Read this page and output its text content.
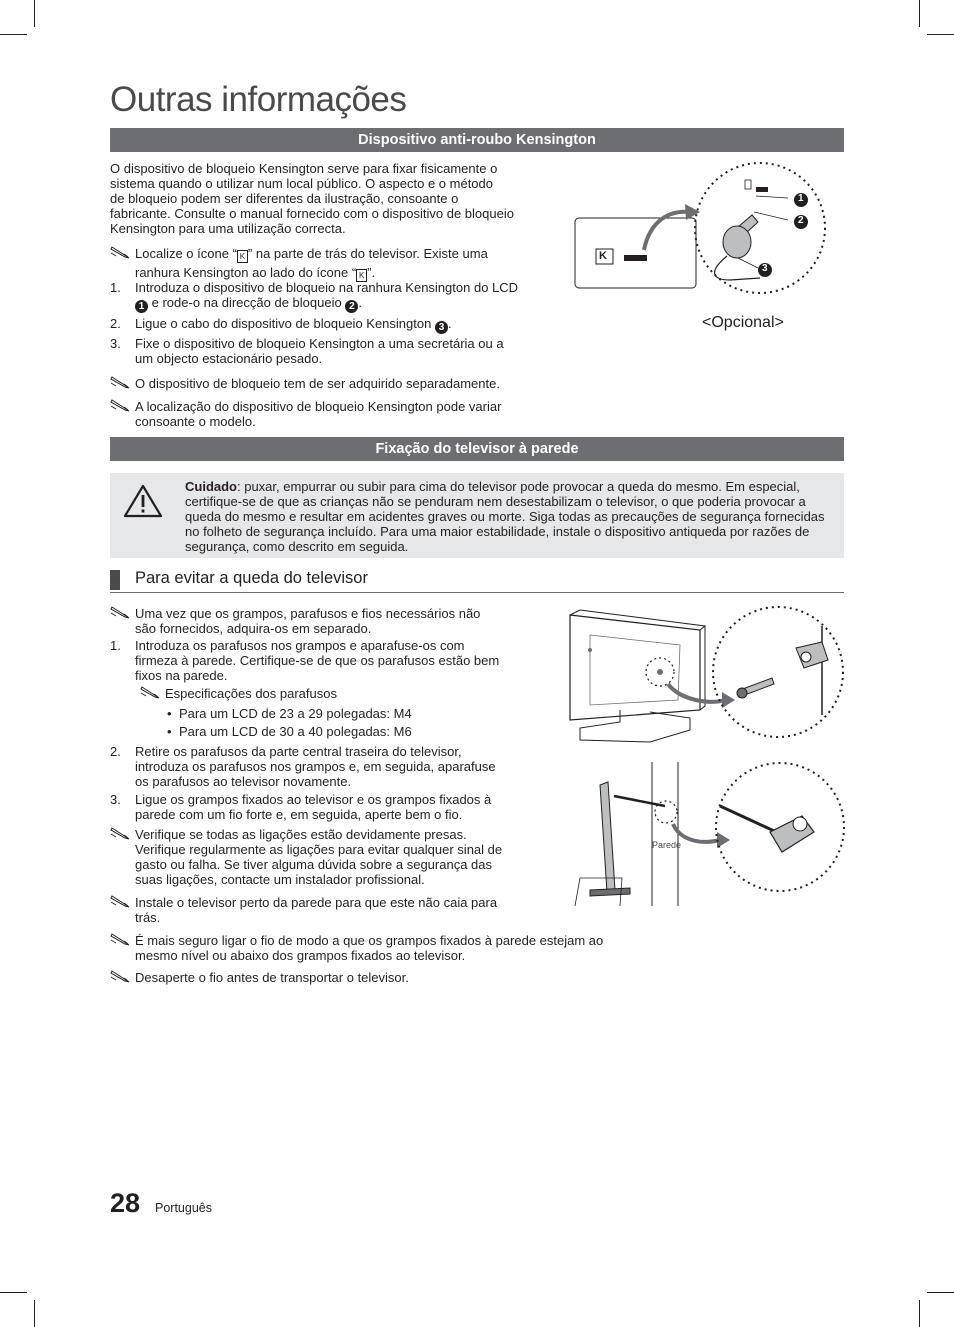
Outras informações
Dispositivo anti-roubo Kensington
O dispositivo de bloqueio Kensington serve para fixar fisicamente o
sistema quando o utilizar num local público. O aspecto e o método
de bloqueio podem ser diferentes da ilustração, consoante o
fabricante. Consulte o manual fornecido com o dispositivo de bloqueio
Kensington para uma utilização correcta.
Localize o ícone “ K ” na parte de trás do televisor. Existe uma
ranhura Kensington ao lado do ícone “ K ”.
1. Introduza o dispositivo de bloqueio na ranhura Kensington do LCD
1 e rode-o na direcção de bloqueio 2 .
2. Ligue o cabo do dispositivo de bloqueio Kensington 3 .
3. Fixe o dispositivo de bloqueio Kensington a uma secretária ou a
um objecto estacionário pesado.
O dispositivo de bloqueio tem de ser adquirido separadamente.
A localização do dispositivo de bloqueio Kensington pode variar
consoante o modelo.
K
1
2
3
<Opcional>
Fixação do televisor à parede
Cuidado: puxar, empurrar ou subir para cima do televisor pode provocar a queda do mesmo. Em especial,
certifique-se de que as crianças não se penduram nem desestabilizam o televisor, o que poderia provocar a
queda do mesmo e resultar em acidentes graves ou morte. Siga todas as precauções de segurança fornecidas
no folheto de segurança incluído. Para uma maior estabilidade, instale o dispositivo antiqueda por razões de
segurança, como descrito em seguida.
Para evitar a queda do televisor
Uma vez que os grampos, parafusos e fios necessários não
são fornecidos, adquira-os em separado.
1. Introduza os parafusos nos grampos e aparafuse-os com
firmeza à parede. Certifique-se de que os parafusos estão bem
fixos na parede.
Especificações dos parafusos
• Para um LCD de 23 a 29 polegadas: M4
• Para um LCD de 30 a 40 polegadas: M6
2. Retire os parafusos da parte central traseira do televisor,
introduza os parafusos nos grampos e, em seguida, aparafuse
os parafusos ao televisor novamente.
3. Ligue os grampos fixados ao televisor e os grampos fixados à
parede com um fio forte e, em seguida, aperte bem o fio.
Verifique se todas as ligações estão devidamente presas.
Verifique regularmente as ligações para evitar qualquer sinal de
gasto ou falha. Se tiver alguma dúvida sobre a segurança das
suas ligações, contacte um instalador profissional.
Instale o televisor perto da parede para que este não caia para
trás.
É mais seguro ligar o fio de modo a que os grampos fixados à parede estejam ao
mesmo nível ou abaixo dos grampos fixados ao televisor.
Desaperte o fio antes de transportar o televisor.
Parede
28 Português
